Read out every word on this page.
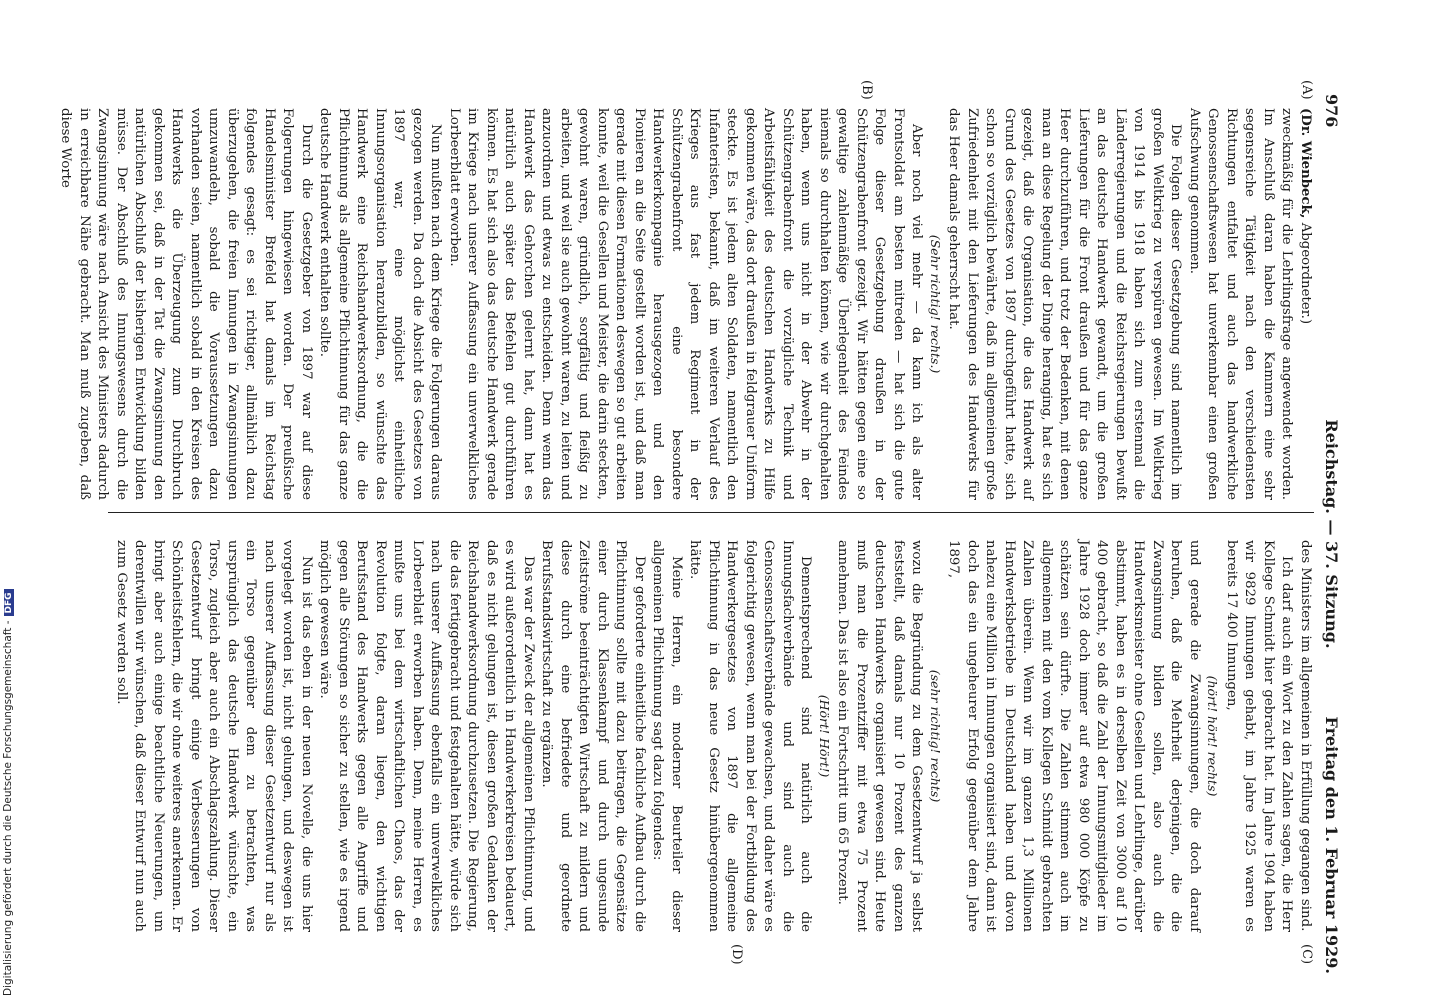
976
Reichstag. — 37. Sitzung.
Freitag den 1. Februar 1929.
(A)
(B)
(C)
(D)

(Dr. Wienbeck, Abgeordneter.)

zweckmäßig für die Lehrlingsfrage angewendet worden. Im Anschluß daran haben die Kammern eine sehr segensreiche Tätigkeit nach den verschiedensten Richtungen entfaltet und auch das handwerkliche Genossenschaftswesen hat unverkennbar einen großen Aufschwung genommen.

Die Folgen dieser Gesetzgebung sind namentlich im großen Weltkrieg zu verspüren gewesen. Im Weltkrieg von 1914 bis 1918 haben sich zum erstenmal die Länderregierungen und die Reichsregierungen bewußt an das deutsche Handwerk gewandt, um die großen Lieferungen für die Front draußen und für das ganze Heer durchzuführen, und trotz der Bedenken, mit denen man an diese Regelung der Dinge heranging, hat es sich gezeigt, daß die Organisation, die das Handwerk auf Grund des Gesetzes von 1897 durchgeführt hatte, sich schon so vorzüglich bewährte, daß im allgemeinen große Zufriedenheit mit den Lieferungen des Handwerks für das Heer damals geherrscht hat.

(Sehr richtig! rechts.)

Aber noch viel mehr — da kann ich als alter Frontsoldat am besten mitreden — hat sich die gute Folge dieser Gesetzgebung draußen in der Schützengrabenfront gezeigt. Wir hätten gegen eine so gewaltige zahlenmäßige Überlegenheit des Feindes niemals so durchhalten können, wie wir durchgehalten haben, wenn uns nicht in der Abwehr in der Schützengrabenfront die vorzügliche Technik und Arbeitsfähigkeit des deutschen Handwerks zu Hilfe gekommen wäre, das dort draußen in feldgrauer Uniform steckte. Es ist jedem alten Soldaten, namentlich den Infanteristen, bekannt, daß im weiteren Verlauf des Krieges aus fast jedem Regiment in der Schützengrabenfront eine besondere Handwerkerkompagnie herausgezogen und den Pionieren an die Seite gestellt worden ist, und daß man gerade mit diesen Formationen deswegen so gut arbeiten konnte, weil die Gesellen und Meister, die darin steckten, gewohnt waren, gründlich, sorgfältig und fleißig zu arbeiten, und weil sie auch gewohnt waren, zu leiten und anzuordnen und etwas zu entscheiden. Denn wenn das Handwerk das Gehorchen gelernt hat, dann hat es natürlich auch später das Befehlen gut durchführen können. Es hat sich also das deutsche Handwerk gerade im Kriege nach unserer Auffassung ein unverwelkliches Lorbeerblatt erworben.

Nun mußten nach dem Kriege die Folgerungen daraus gezogen werden. Da doch die Absicht des Gesetzes von 1897 war, eine möglichst einheitliche Innungsorganisation heranzubilden, so wünschte das Handwerk eine Reichshandwerksordnung, die die Pflichtinnung als allgemeine Pflichtinnung für das ganze deutsche Handwerk enthalten sollte.

Durch die Gesetzgeber von 1897 war auf diese Folgerungen hingewiesen worden. Der preußische Handelsminister Brefeld hat damals im Reichstag folgendes gesagt: es sei richtiger, allmählich dazu überzugehen, die freien Innungen in Zwangsinnungen umzuwandeln, sobald die Voraussetzungen dazu vorhanden seien, namentlich sobald in den Kreisen des Handwerks die Überzeugung zum Durchbruch gekommen sei, daß in der Tat die Zwangsinnung den natürlichen Abschluß der bisherigen Entwicklung bilden müsse. Der Abschluß des Innungswesens durch die Zwangsinnung wäre nach Ansicht des Ministers dadurch in erreichbare Nähe gebracht. Man muß zugeben, daß diese Worte

des Ministers im allgemeinen in Erfüllung gegangen sind.

Ich darf auch ein Wort zu den Zahlen sagen, die Herr Kollege Schmidt hier gebracht hat. Im Jahre 1904 haben wir 9829 Innungen gehabt, im Jahre 1925 waren es bereits 17 400 Innungen,

(hört! hört! rechts)

und gerade die Zwangsinnungen, die doch darauf beruhen, daß die Mehrheit derjenigen, die die Zwangsinnung bilden sollen, also auch die Handwerksmeister ohne Gesellen und Lehrlinge, darüber abstimmt, haben es in derselben Zeit von 3000 auf 10 400 gebracht, so daß die Zahl der Innungsmitglieder im Jahre 1928 doch immer auf etwa 980 000 Köpfe zu schätzen sein dürfte. Die Zahlen stimmen auch im allgemeinen mit den vom Kollegen Schmidt gebrachten Zahlen überein. Wenn wir im ganzen 1,3 Millionen Handwerksbetriebe in Deutschland haben und davon nahezu eine Million in Innungen organisiert sind, dann ist doch das ein ungeheurer Erfolg gegenüber dem Jahre 1897,

(sehr richtig! rechts)

wozu die Begründung zu dem Gesetzentwurf ja selbst feststellt, daß damals nur 10 Prozent des ganzen deutschen Handwerks organisiert gewesen sind. Heute muß man die Prozentziffer mit etwa 75 Prozent annehmen. Das ist also ein Fortschritt um 65 Prozent.

(Hört! Hört!)

Dementsprechend sind natürlich auch die Innungsfachverbände und sind auch die Genossenschaftsverbände gewachsen, und daher wäre es folgerichtig gewesen, wenn man bei der Fortbildung des Handwerkergesetzes von 1897 die allgemeine Pflichtinnung in das neue Gesetz hinübergenommen hätte.

Meine Herren, ein moderner Beurteiler dieser allgemeinen Pflichtinnung sagt dazu folgendes:

Der geforderte einheitliche fachliche Aufbau durch die Pflichtinnung sollte mit dazu beitragen, die Gegensätze einer durch Klassenkampf und durch ungesunde Zeitströme beeinträchtigten Wirtschaft zu mildern und diese durch eine befriedete und geordnete Berufsstandswirtschaft zu ergänzen.

Das war der Zweck der allgemeinen Pflichtinnung, und es wird außerordentlich in Handwerkerkreisen bedauert, daß es nicht gelungen ist, diesen großen Gedanken der Reichshandwerksordnung durchzusetzen. Die Regierung, die das fertiggebracht und festgehalten hätte, würde sich nach unserer Auffassung ebenfalls ein unverwelkliches Lorbeerblatt erworben haben. Denn, meine Herren, es mußte uns bei dem wirtschaftlichen Chaos, das der Revolution folgte, daran liegen, den wichtigen Berufsstand des Handwerks gegen alle Angriffe und gegen alle Störungen so sicher zu stellen, wie es irgend möglich gewesen wäre.

Nun ist das eben in der neuen Novelle, die uns hier vorgelegt worden ist, nicht gelungen, und deswegen ist nach unserer Auffassung dieser Gesetzentwurf nur als ein Torso gegenüber dem zu betrachten, was ursprünglich das deutsche Handwerk wünschte, ein Torso, zugleich aber auch ein Abschlagszahlung. Dieser Gesetzentwurf bringt einige Verbesserungen von Schönheitsfehlern, die wir ohne weiteres anerkennen. Er bringt aber auch einige beachtliche Neuerungen, um derentwillen wir wünschen, daß dieser Entwurf nun auch zum Gesetz werden soll.

Digitalisierung gefördert durch die Deutsche Forschungsgemeinschaft -DFG
